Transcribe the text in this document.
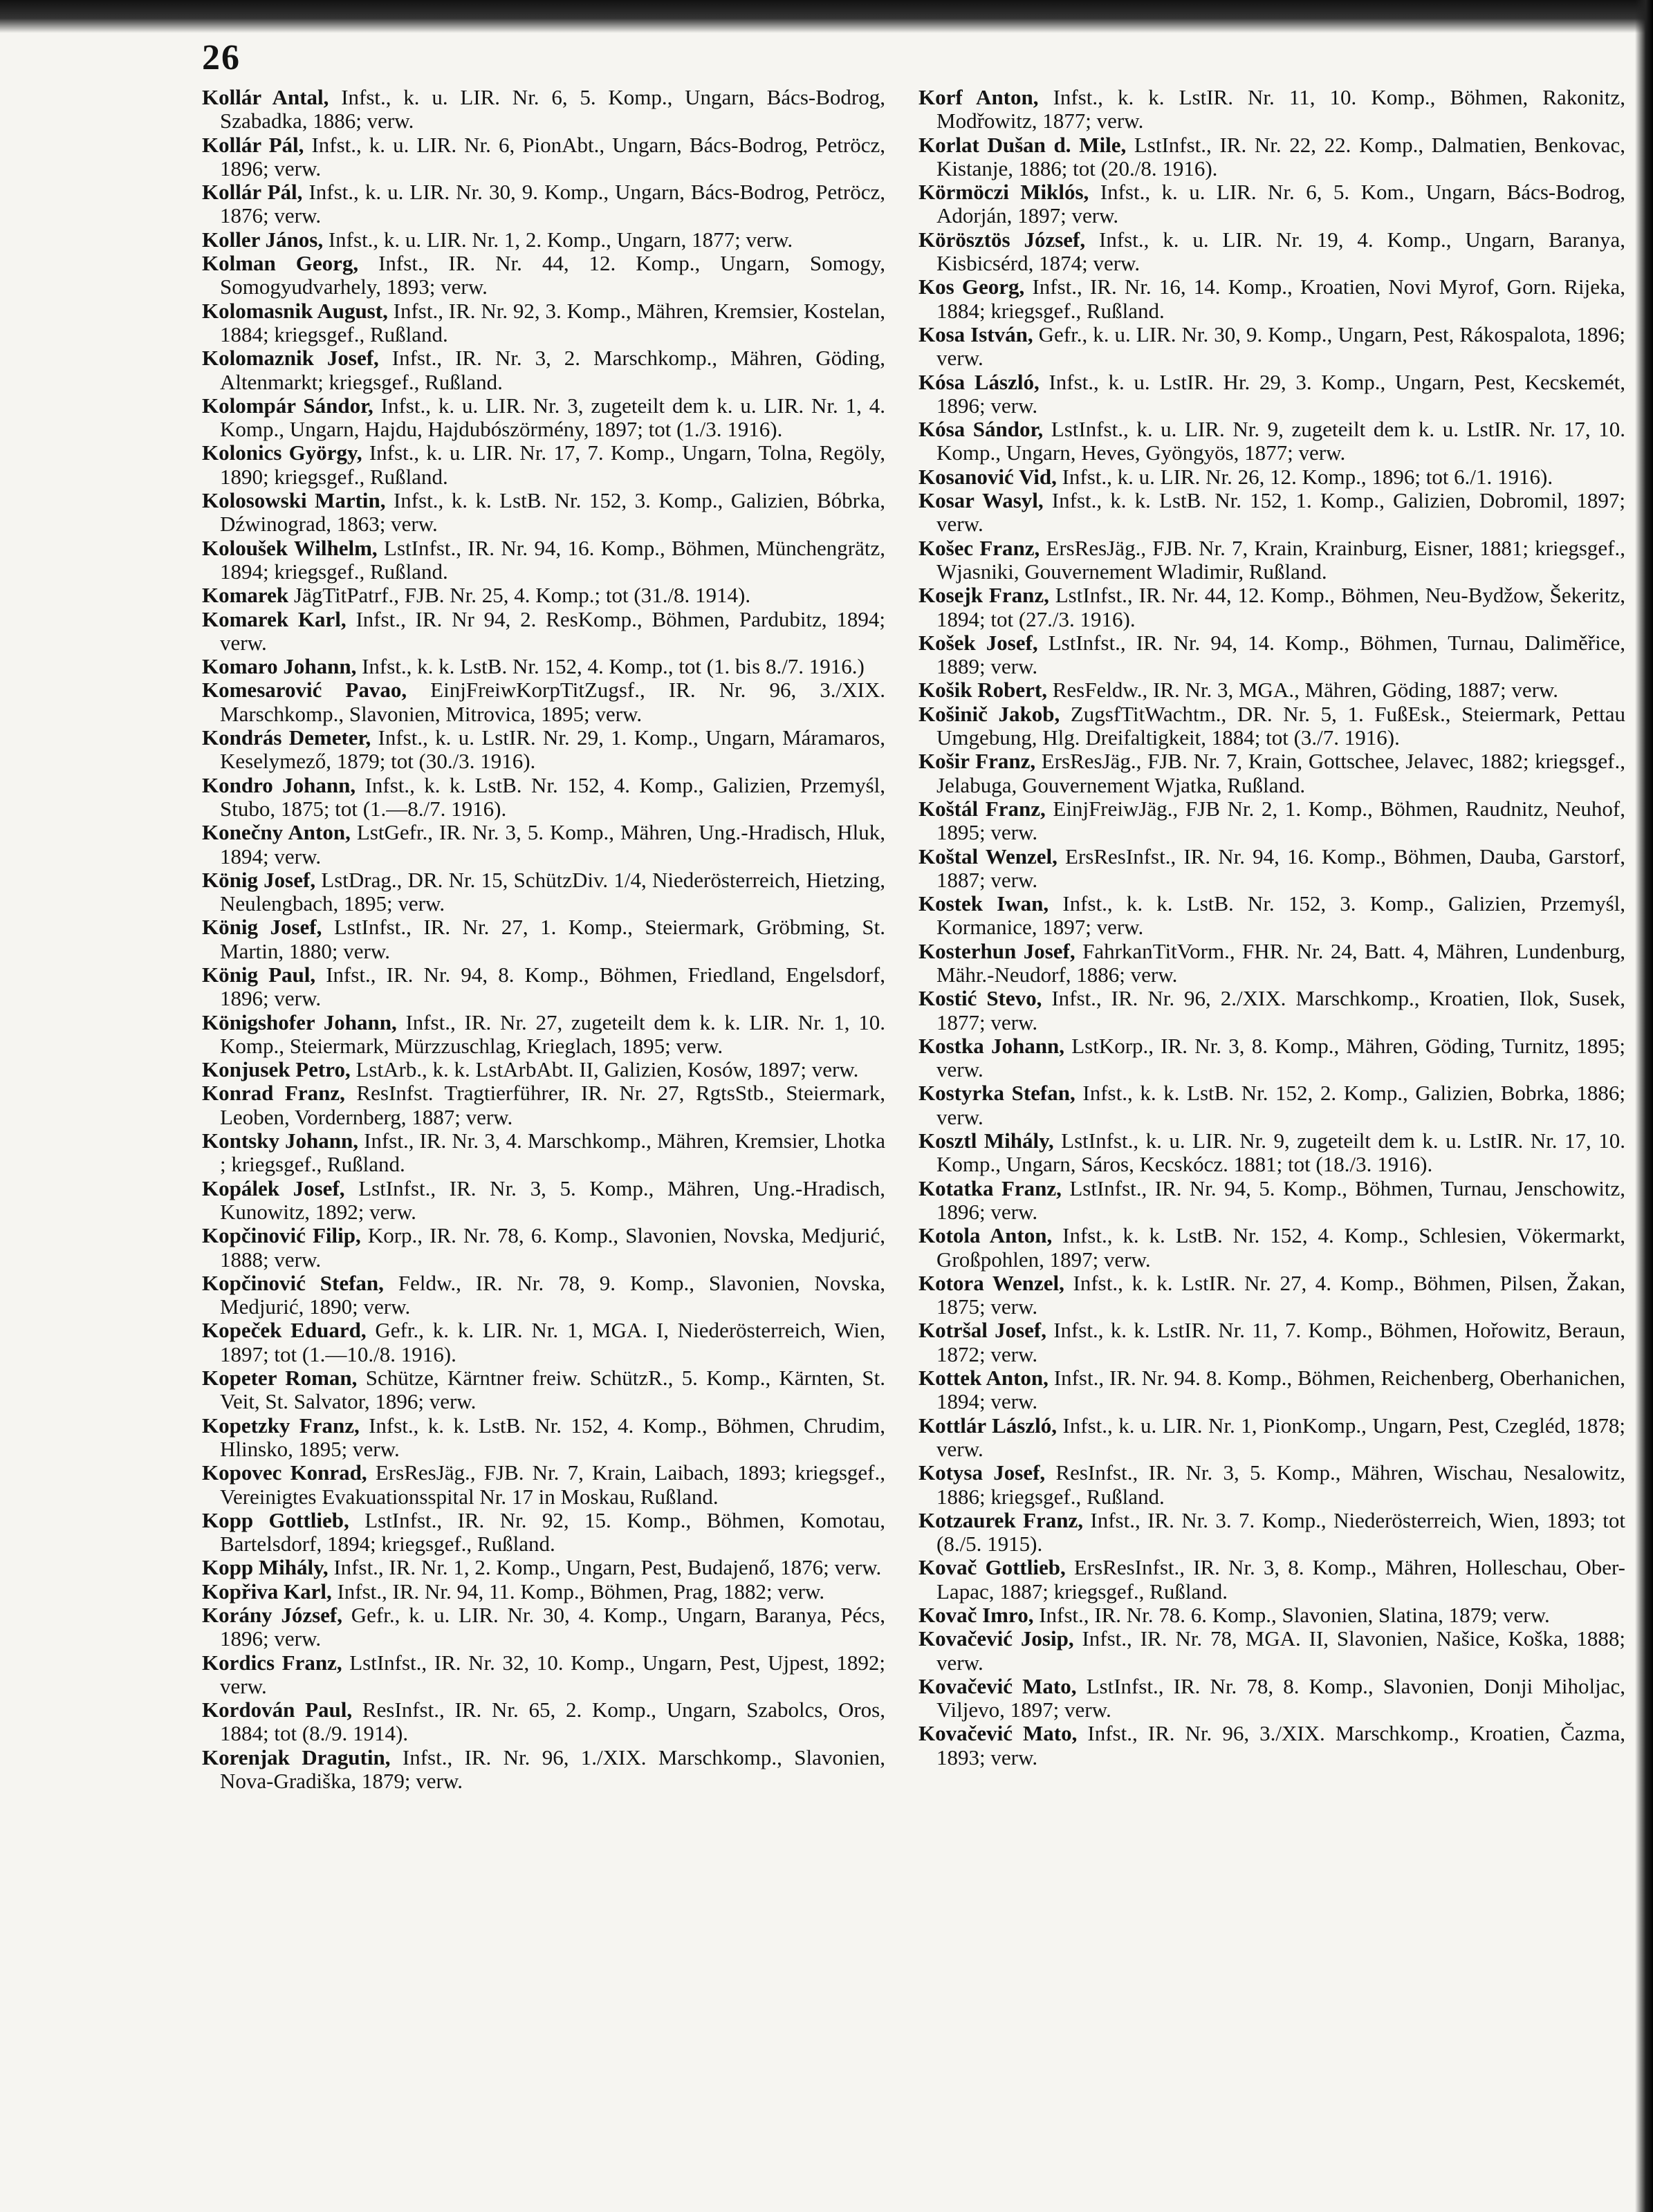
26

Kollár Antal, Infst., k. u. LIR. Nr. 6, 5. Komp., Ungarn, Bács-Bodrog, Szabadka, 1886; verw.

Kollár Pál, Infst., k. u. LIR. Nr. 6, PionAbt., Ungarn, Bács-Bodrog, Petröcz, 1896; verw.

Kollár Pál, Infst., k. u. LIR. Nr. 30, 9. Komp., Ungarn, Bács-Bodrog, Petröcz, 1876; verw.

Koller János, Infst., k. u. LIR. Nr. 1, 2. Komp., Ungarn, 1877; verw.

Kolman Georg, Infst., IR. Nr. 44, 12. Komp., Ungarn, Somogy, Somogyudvarhely, 1893; verw.

Kolomasnik August, Infst., IR. Nr. 92, 3. Komp., Mähren, Kremsier, Kostelan, 1884; kriegsgef., Rußland.

Kolomaznik Josef, Infst., IR. Nr. 3, 2. Marschkomp., Mähren, Göding, Altenmarkt; kriegsgef., Rußland.

Kolompár Sándor, Infst., k. u. LIR. Nr. 3, zugeteilt dem k. u. LIR. Nr. 1, 4. Komp., Ungarn, Hajdu, Hajdubószörmény, 1897; tot (1./3. 1916).

Kolonics György, Infst., k. u. LIR. Nr. 17, 7. Komp., Ungarn, Tolna, Regöly, 1890; kriegsgef., Rußland.

Kolosowski Martin, Infst., k. k. LstB. Nr. 152, 3. Komp., Galizien, Bóbrka, Dźwinograd, 1863; verw.

Koloušek Wilhelm, LstInfst., IR. Nr. 94, 16. Komp., Böhmen, Münchengrätz, 1894; kriegsgef., Rußland.

Komarek JägTitPatrf., FJB. Nr. 25, 4. Komp.; tot (31./8. 1914).

Komarek Karl, Infst., IR. Nr 94, 2. ResKomp., Böhmen, Pardubitz, 1894; verw.

Komaro Johann, Infst., k. k. LstB. Nr. 152, 4. Komp., tot (1. bis 8./7. 1916.)

Komesarović Pavao, EinjFreiwKorpTitZugsf., IR. Nr. 96, 3./XIX. Marschkomp., Slavonien, Mitrovica, 1895; verw.

Kondrás Demeter, Infst., k. u. LstIR. Nr. 29, 1. Komp., Ungarn, Máramaros, Keselymező, 1879; tot (30./3. 1916).

Kondro Johann, Infst., k. k. LstB. Nr. 152, 4. Komp., Galizien, Przemyśl, Stubo, 1875; tot (1.—8./7. 1916).

Konečny Anton, LstGefr., IR. Nr. 3, 5. Komp., Mähren, Ung.-Hradisch, Hluk, 1894; verw.

König Josef, LstDrag., DR. Nr. 15, SchützDiv. 1/4, Niederösterreich, Hietzing, Neulengbach, 1895; verw.

König Josef, LstInfst., IR. Nr. 27, 1. Komp., Steiermark, Gröbming, St. Martin, 1880; verw.

König Paul, Infst., IR. Nr. 94, 8. Komp., Böhmen, Friedland, Engelsdorf, 1896; verw.

Königshofer Johann, Infst., IR. Nr. 27, zugeteilt dem k. k. LIR. Nr. 1, 10. Komp., Steiermark, Mürzzuschlag, Krieglach, 1895; verw.

Konjusek Petro, LstArb., k. k. LstArbAbt. II, Galizien, Kosów, 1897; verw.

Konrad Franz, ResInfst. Tragtierführer, IR. Nr. 27, RgtsStb., Steiermark, Leoben, Vordernberg, 1887; verw.

Kontsky Johann, Infst., IR. Nr. 3, 4. Marschkomp., Mähren, Kremsier, Lhotka ; kriegsgef., Rußland.

Kopálek Josef, LstInfst., IR. Nr. 3, 5. Komp., Mähren, Ung.-Hradisch, Kunowitz, 1892; verw.

Kopčinović Filip, Korp., IR. Nr. 78, 6. Komp., Slavonien, Novska, Medjurić, 1888; verw.

Kopčinović Stefan, Feldw., IR. Nr. 78, 9. Komp., Slavonien, Novska, Medjurić, 1890; verw.

Kopeček Eduard, Gefr., k. k. LIR. Nr. 1, MGA. I, Niederösterreich, Wien, 1897; tot (1.—10./8. 1916).

Kopeter Roman, Schütze, Kärntner freiw. SchützR., 5. Komp., Kärnten, St. Veit, St. Salvator, 1896; verw.

Kopetzky Franz, Infst., k. k. LstB. Nr. 152, 4. Komp., Böhmen, Chrudim, Hlinsko, 1895; verw.

Kopovec Konrad, ErsResJäg., FJB. Nr. 7, Krain, Laibach, 1893; kriegsgef., Vereinigtes Evakuationsspital Nr. 17 in Moskau, Rußland.

Kopp Gottlieb, LstInfst., IR. Nr. 92, 15. Komp., Böhmen, Komotau, Bartelsdorf, 1894; kriegsgef., Rußland.

Kopp Mihály, Infst., IR. Nr. 1, 2. Komp., Ungarn, Pest, Budajenő, 1876; verw.

Kopřiva Karl, Infst., IR. Nr. 94, 11. Komp., Böhmen, Prag, 1882; verw.

Korány József, Gefr., k. u. LIR. Nr. 30, 4. Komp., Ungarn, Baranya, Pécs, 1896; verw.

Kordics Franz, LstInfst., IR. Nr. 32, 10. Komp., Ungarn, Pest, Ujpest, 1892; verw.

Kordován Paul, ResInfst., IR. Nr. 65, 2. Komp., Ungarn, Szabolcs, Oros, 1884; tot (8./9. 1914).

Korenjak Dragutin, Infst., IR. Nr. 96, 1./XIX. Marschkomp., Slavonien, Nova-Gradiška, 1879; verw.

Korf Anton, Infst., k. k. LstIR. Nr. 11, 10. Komp., Böhmen, Rakonitz, Modřowitz, 1877; verw.

Korlat Dušan d. Mile, LstInfst., IR. Nr. 22, 22. Komp., Dalmatien, Benkovac, Kistanje, 1886; tot (20./8. 1916).

Körmöczi Miklós, Infst., k. u. LIR. Nr. 6, 5. Kom., Ungarn, Bács-Bodrog, Adorján, 1897; verw.

Körösztös József, Infst., k. u. LIR. Nr. 19, 4. Komp., Ungarn, Baranya, Kisbicsérd, 1874; verw.

Kos Georg, Infst., IR. Nr. 16, 14. Komp., Kroatien, Novi Myrof, Gorn. Rijeka, 1884; kriegsgef., Rußland.

Kosa István, Gefr., k. u. LIR. Nr. 30, 9. Komp., Ungarn, Pest, Rákospalota, 1896; verw.

Kósa László, Infst., k. u. LstIR. Hr. 29, 3. Komp., Ungarn, Pest, Kecskemét, 1896; verw.

Kósa Sándor, LstInfst., k. u. LIR. Nr. 9, zugeteilt dem k. u. LstIR. Nr. 17, 10. Komp., Ungarn, Heves, Gyöngyös, 1877; verw.

Kosanović Vid, Infst., k. u. LIR. Nr. 26, 12. Komp., 1896; tot 6./1. 1916).

Kosar Wasyl, Infst., k. k. LstB. Nr. 152, 1. Komp., Galizien, Dobromil, 1897; verw.

Košec Franz, ErsResJäg., FJB. Nr. 7, Krain, Krainburg, Eisner, 1881; kriegsgef., Wjasniki, Gouvernement Wladimir, Rußland.

Kosejk Franz, LstInfst., IR. Nr. 44, 12. Komp., Böhmen, Neu-Bydžow, Šekeritz, 1894; tot (27./3. 1916).

Košek Josef, LstInfst., IR. Nr. 94, 14. Komp., Böhmen, Turnau, Daliměřice, 1889; verw.

Košik Robert, ResFeldw., IR. Nr. 3, MGA., Mähren, Göding, 1887; verw.

Košinič Jakob, ZugsfTitWachtm., DR. Nr. 5, 1. FußEsk., Steiermark, Pettau Umgebung, Hlg. Dreifaltigkeit, 1884; tot (3./7. 1916).

Košir Franz, ErsResJäg., FJB. Nr. 7, Krain, Gottschee, Jelavec, 1882; kriegsgef., Jelabuga, Gouvernement Wjatka, Rußland.

Koštál Franz, EinjFreiwJäg., FJB Nr. 2, 1. Komp., Böhmen, Raudnitz, Neuhof, 1895; verw.

Koštal Wenzel, ErsResInfst., IR. Nr. 94, 16. Komp., Böhmen, Dauba, Garstorf, 1887; verw.

Kostek Iwan, Infst., k. k. LstB. Nr. 152, 3. Komp., Galizien, Przemyśl, Kormanice, 1897; verw.

Kosterhun Josef, FahrkanTitVorm., FHR. Nr. 24, Batt. 4, Mähren, Lundenburg, Mähr.-Neudorf, 1886; verw.

Kostić Stevo, Infst., IR. Nr. 96, 2./XIX. Marschkomp., Kroatien, Ilok, Susek, 1877; verw.

Kostka Johann, LstKorp., IR. Nr. 3, 8. Komp., Mähren, Göding, Turnitz, 1895; verw.

Kostyrka Stefan, Infst., k. k. LstB. Nr. 152, 2. Komp., Galizien, Bobrka, 1886; verw.

Kosztl Mihály, LstInfst., k. u. LIR. Nr. 9, zugeteilt dem k. u. LstIR. Nr. 17, 10. Komp., Ungarn, Sáros, Kecskócz. 1881; tot (18./3. 1916).

Kotatka Franz, LstInfst., IR. Nr. 94, 5. Komp., Böhmen, Turnau, Jenschowitz, 1896; verw.

Kotola Anton, Infst., k. k. LstB. Nr. 152, 4. Komp., Schlesien, Vökermarkt, Großpohlen, 1897; verw.

Kotora Wenzel, Infst., k. k. LstIR. Nr. 27, 4. Komp., Böhmen, Pilsen, Žakan, 1875; verw.

Kotršal Josef, Infst., k. k. LstIR. Nr. 11, 7. Komp., Böhmen, Hořowitz, Beraun, 1872; verw.

Kottek Anton, Infst., IR. Nr. 94. 8. Komp., Böhmen, Reichenberg, Oberhanichen, 1894; verw.

Kottlár László, Infst., k. u. LIR. Nr. 1, PionKomp., Ungarn, Pest, Czegléd, 1878; verw.

Kotysa Josef, ResInfst., IR. Nr. 3, 5. Komp., Mähren, Wischau, Nesalowitz, 1886; kriegsgef., Rußland.

Kotzaurek Franz, Infst., IR. Nr. 3. 7. Komp., Niederösterreich, Wien, 1893; tot (8./5. 1915).

Kovač Gottlieb, ErsResInfst., IR. Nr. 3, 8. Komp., Mähren, Holleschau, Ober-Lapac, 1887; kriegsgef., Rußland.

Kovač Imro, Infst., IR. Nr. 78. 6. Komp., Slavonien, Slatina, 1879; verw.

Kovačević Josip, Infst., IR. Nr. 78, MGA. II, Slavonien, Našice, Koška, 1888; verw.

Kovačević Mato, LstInfst., IR. Nr. 78, 8. Komp., Slavonien, Donji Miholjac, Viljevo, 1897; verw.

Kovačević Mato, Infst., IR. Nr. 96, 3./XIX. Marschkomp., Kroatien, Čazma, 1893; verw.
